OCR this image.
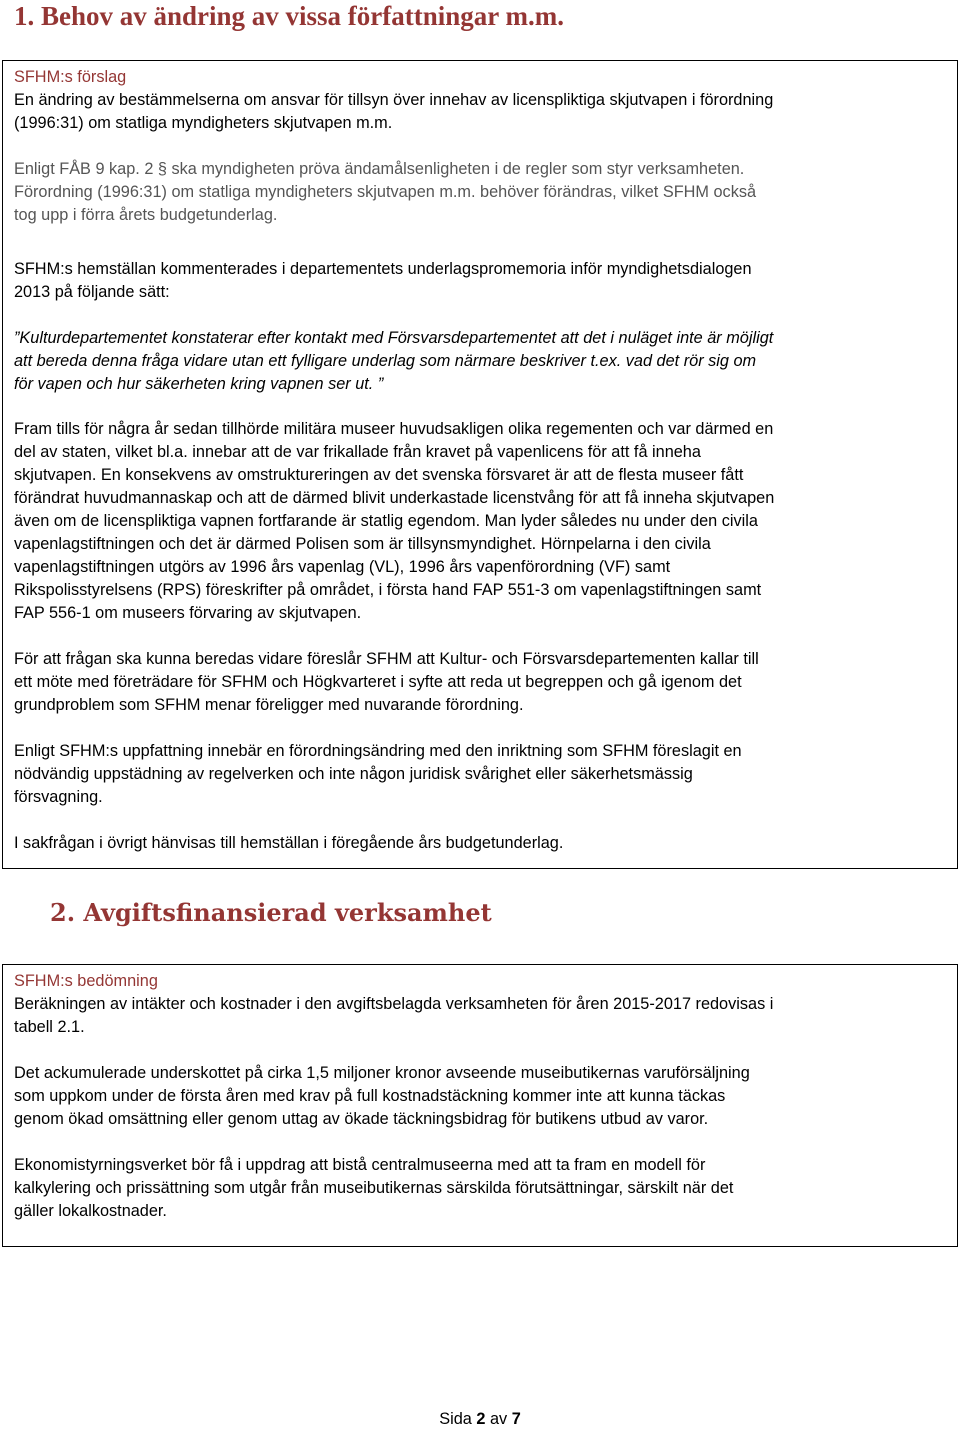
1. Behov av ändring av vissa författningar m.m.

SFHM:s förslag

En ändring av bestämmelserna om ansvar för tillsyn över innehav av licenspliktiga skjutvapen i förordning

(1996:31) om statliga myndigheters skjutvapen m.m.

Enligt FÅB 9 kap. 2 § ska myndigheten pröva ändamålsenligheten i de regler som styr verksamheten.

Förordning (1996:31) om statliga myndigheters skjutvapen m.m. behöver förändras, vilket SFHM också

tog upp i förra årets budgetunderlag.

SFHM:s hemställan kommenterades i departementets underlagspromemoria inför myndighetsdialogen

2013 på följande sätt:

”Kulturdepartementet konstaterar efter kontakt med Försvarsdepartementet att det i nuläget inte är möjligt

att bereda denna fråga vidare utan ett fylligare underlag som närmare beskriver t.ex. vad det rör sig om

för vapen och hur säkerheten kring vapnen ser ut. ”

Fram tills för några år sedan tillhörde militära museer huvudsakligen olika regementen och var därmed en

del av staten, vilket bl.a. innebar att de var frikallade från kravet på vapenlicens för att få inneha

skjutvapen. En konsekvens av omstruktureringen av det svenska försvaret är att de flesta museer fått

förändrat huvudmannaskap och att de därmed blivit underkastade licenstvång för att få inneha skjutvapen

även om de licenspliktiga vapnen fortfarande är statlig egendom. Man lyder således nu under den civila

vapenlagstiftningen och det är därmed Polisen som är tillsynsmyndighet. Hörnpelarna i den civila

vapenlagstiftningen utgörs av 1996 års vapenlag (VL), 1996 års vapenförordning (VF) samt

Rikspolisstyrelsens (RPS) föreskrifter på området, i första hand FAP 551-3 om vapenlagstiftningen samt

FAP 556-1 om museers förvaring av skjutvapen.

För att frågan ska kunna beredas vidare föreslår SFHM att Kultur- och Försvarsdepartementen kallar till

ett möte med företrädare för SFHM och Högkvarteret i syfte att reda ut begreppen och gå igenom det

grundproblem som SFHM menar föreligger med nuvarande förordning.

Enligt SFHM:s uppfattning innebär en förordningsändring med den inriktning som SFHM föreslagit en

nödvändig uppstädning av regelverken och inte någon juridisk svårighet eller säkerhetsmässig

försvagning.

I sakfrågan i övrigt hänvisas till hemställan i föregående års budgetunderlag.

2. Avgiftsfinansierad verksamhet

SFHM:s bedömning

Beräkningen av intäkter och kostnader i den avgiftsbelagda verksamheten för åren 2015-2017 redovisas i

tabell 2.1.

Det ackumulerade underskottet på cirka 1,5 miljoner kronor avseende museibutikernas varuförsäljning

som uppkom under de första åren med krav på full kostnadstäckning kommer inte att kunna täckas

genom ökad omsättning eller genom uttag av ökade täckningsbidrag för butikens utbud av varor.

Ekonomistyrningsverket bör få i uppdrag att bistå centralmuseerna med att ta fram en modell för

kalkylering och prissättning som utgår från museibutikernas särskilda förutsättningar, särskilt när det

gäller lokalkostnader.

Sida 2 av 7
